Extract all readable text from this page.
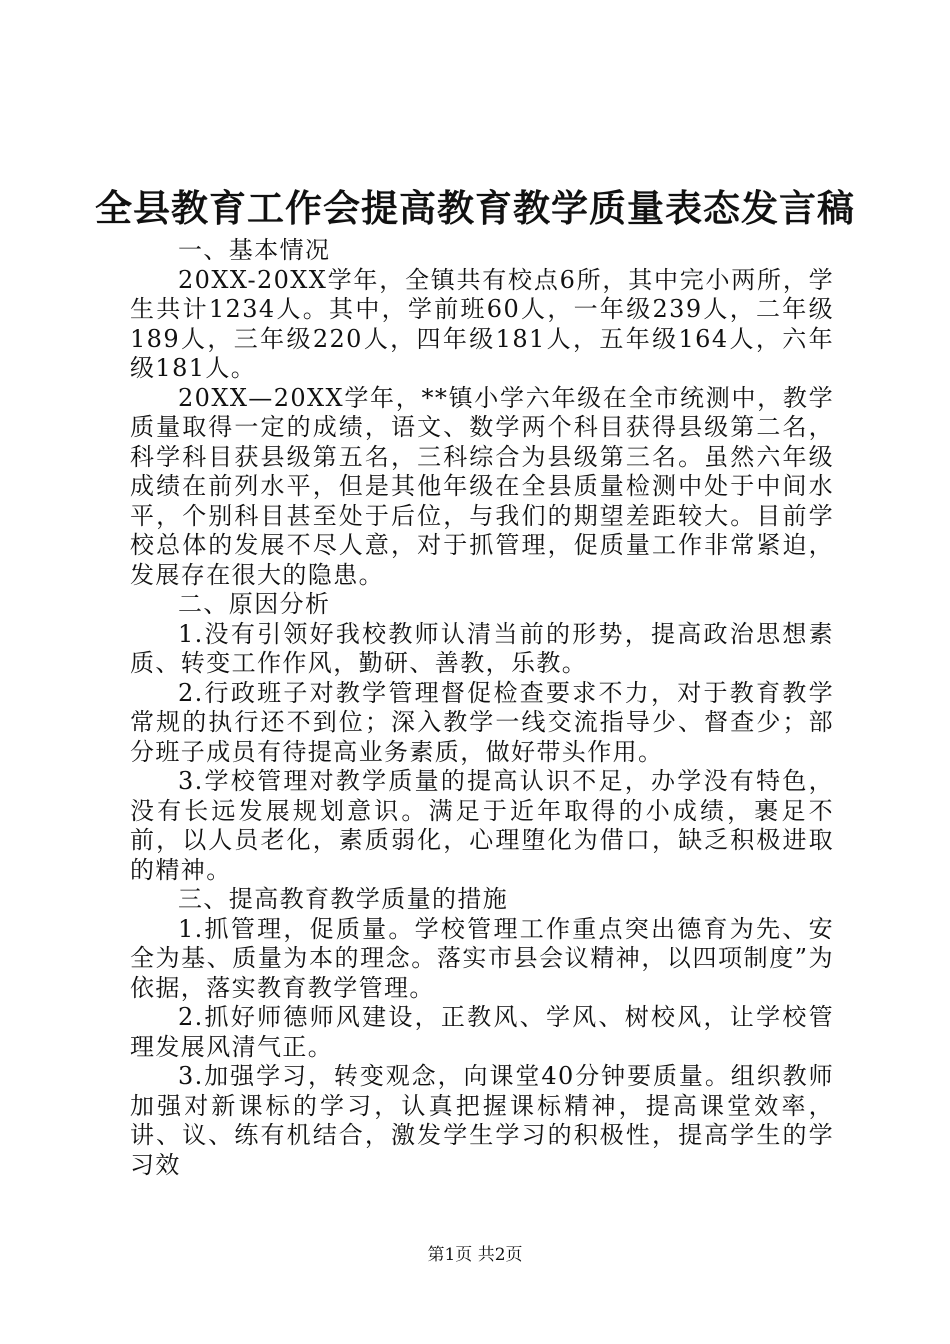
全县教育工作会提高教育教学质量表态发言稿

一、基本情况

20XX-20XX学年，全镇共有校点6所，其中完小两所，学生共计1234人。其中，学前班60人，一年级239人，二年级189人，三年级220人，四年级181人，五年级164人，六年级181人。

20XX—20XX学年，**镇小学六年级在全市统测中，教学质量取得一定的成绩，语文、数学两个科目获得县级第二名，科学科目获县级第五名，三科综合为县级第三名。虽然六年级成绩在前列水平，但是其他年级在全县质量检测中处于中间水平，个别科目甚至处于后位，与我们的期望差距较大。目前学校总体的发展不尽人意，对于抓管理，促质量工作非常紧迫，发展存在很大的隐患。

二、原因分析

1.没有引领好我校教师认清当前的形势，提高政治思想素质、转变工作作风，勤研、善教，乐教。

2.行政班子对教学管理督促检查要求不力，对于教育教学常规的执行还不到位；深入教学一线交流指导少、督查少；部分班子成员有待提高业务素质，做好带头作用。

3.学校管理对教学质量的提高认识不足，办学没有特色，没有长远发展规划意识。满足于近年取得的小成绩，裹足不前，以人员老化，素质弱化，心理堕化为借口，缺乏积极进取的精神。

三、提高教育教学质量的措施

1.抓管理，促质量。学校管理工作重点突出德育为先、安全为基、质量为本的理念。落实市县会议精神，以四项制度”为依据，落实教育教学管理。

2.抓好师德师风建设，正教风、学风、树校风，让学校管理发展风清气正。

3.加强学习，转变观念，向课堂40分钟要质量。组织教师加强对新课标的学习，认真把握课标精神，提高课堂效率，讲、议、练有机结合，激发学生学习的积极性，提高学生的学习效

第1页 共2页
